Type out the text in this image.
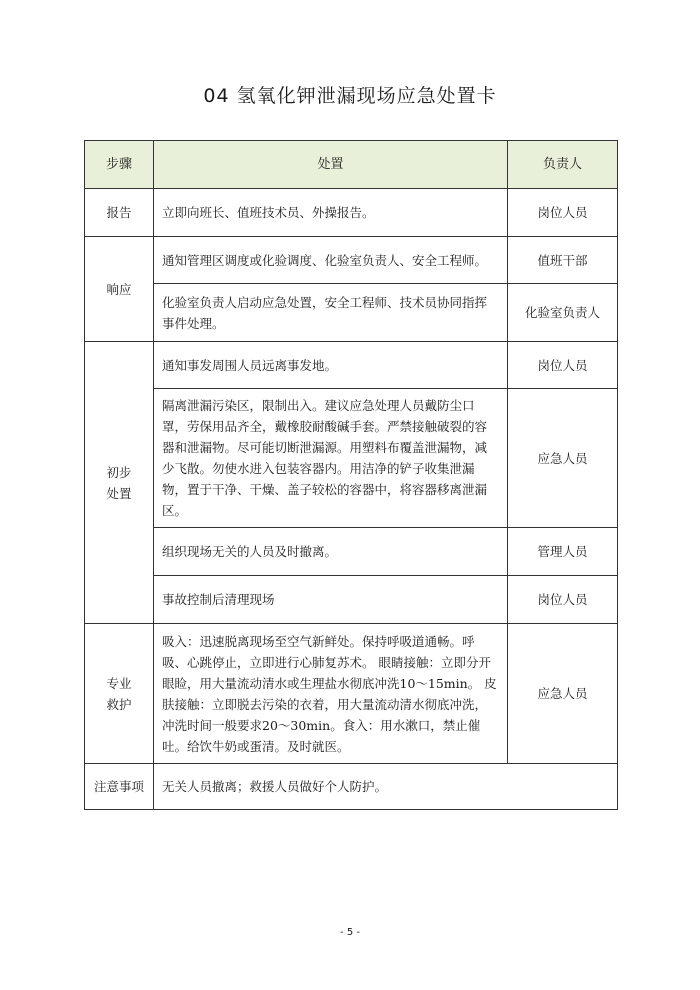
04 氢氧化钾泄漏现场应急处置卡
步骤	处置	负责人
报告	立即向班长、值班技术员、外操报告。	岗位人员
响应	通知管理区调度或化验调度、化验室负责人、安全工程师。	值班干部
	化验室负责人启动应急处置，安全工程师、技术员协同指挥事件处理。	化验室负责人

初步
处置	通知事发周围人员远离事发地。	岗位人员
	隔离泄漏污染区，限制出入。建议应急处理人员戴防尘口罩，劳保用品齐全，戴橡胶耐酸碱手套。严禁接触破裂的容器和泄漏物。尽可能切断泄漏源。用塑料布覆盖泄漏物，减少飞散。勿使水进入包装容器内。用洁净的铲子收集泄漏物，置于干净、干燥、盖子较松的容器中，将容器移离泄漏区。	应急人员
	组织现场无关的人员及时撤离。	管理人员
	事故控制后清理现场	岗位人员

专业
救护	吸入：迅速脱离现场至空气新鲜处。保持呼吸道通畅。呼吸、心跳停止，立即进行心肺复苏术。 眼睛接触：立即分开眼睑，用大量流动清水或生理盐水彻底冲洗10～15min。 皮肤接触：立即脱去污染的衣着，用大量流动清水彻底冲洗，冲洗时间一般要求20～30min。食入：用水漱口，禁止催吐。给饮牛奶或蛋清。及时就医。	应急人员
注意事项	无关人员撤离；救援人员做好个人防护。	
- 5 -
